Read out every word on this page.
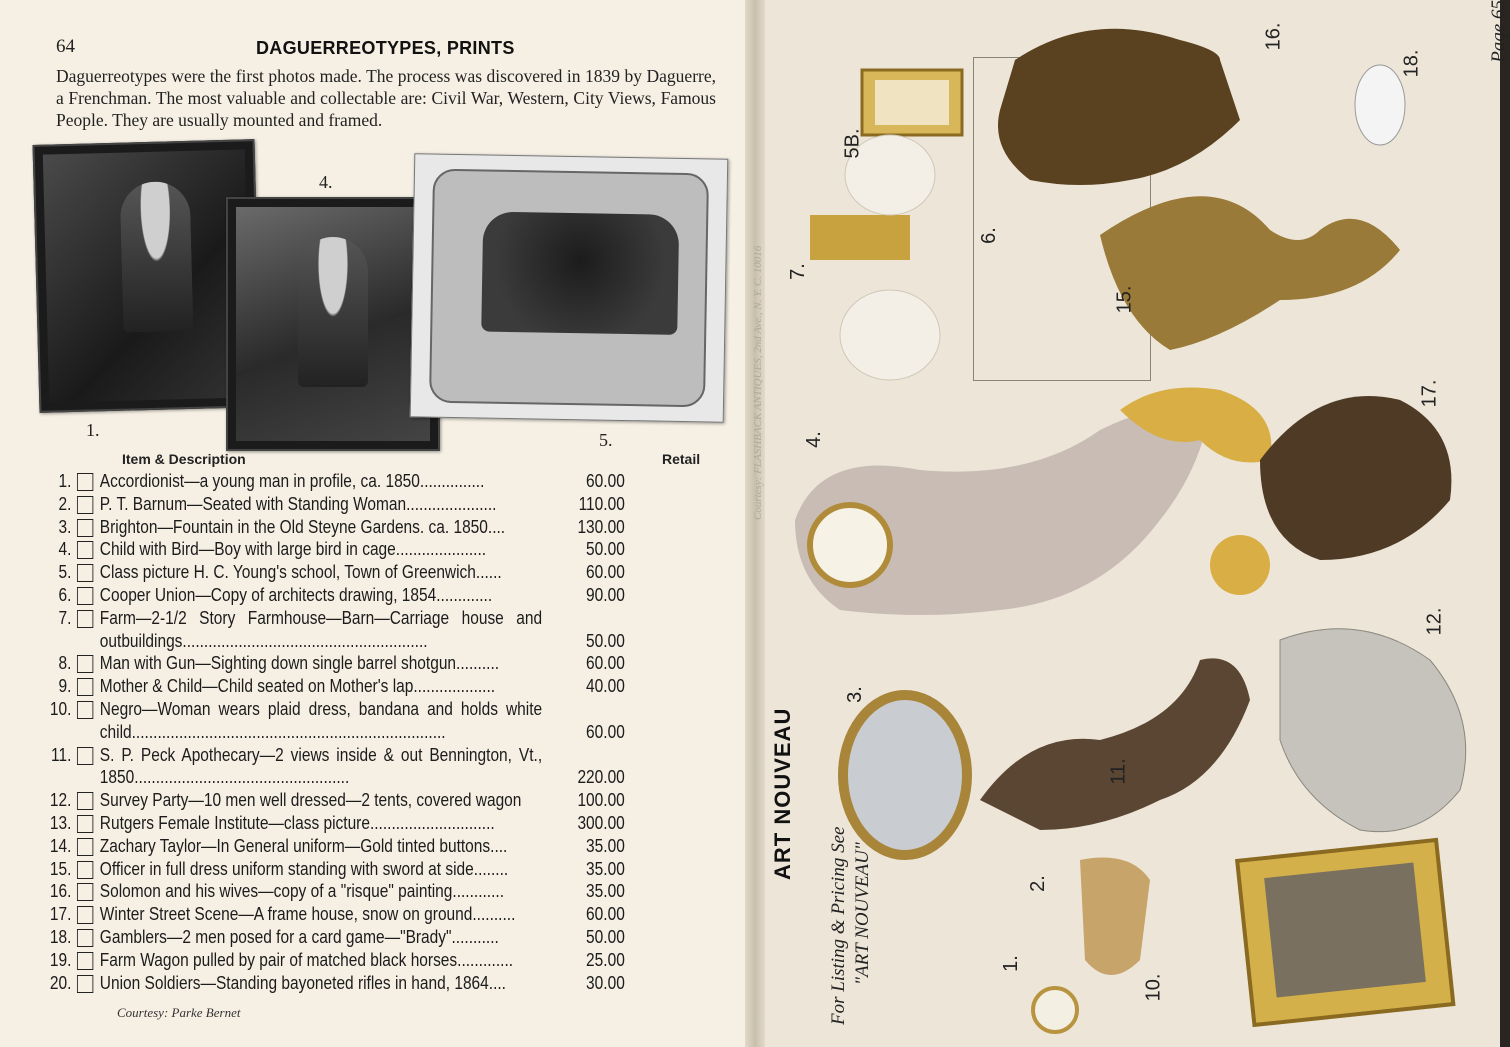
64	DAGUERREOTYPES, PRINTS
Daguerreotypes were the first photos made. The process was discovered in 1839 by Daguerre, a Frenchman. The most valuable and collectable are: Civil War, Western, City Views, Famous People. They are usually mounted and framed.
1.
4.
5.
Item & Description	Retail
1. Accordionist—a young man in profile, ca. 1850...............	60.00
2. P. T. Barnum—Seated with Standing Woman.....................	110.00
3. Brighton—Fountain in the Old Steyne Gardens. ca. 1850....	130.00
4. Child with Bird—Boy with large bird in cage.....................	50.00
5. Class picture H. C. Young's school, Town of Greenwich......	60.00
6. Cooper Union—Copy of architects drawing, 1854.............	90.00
7. Farm—2-1/2 Story Farmhouse—Barn—Carriage house and outbuildings.........................................................	50.00
8. Man with Gun—Sighting down single barrel shotgun..........	60.00
9. Mother & Child—Child seated on Mother's lap...................	40.00
10. Negro—Woman wears plaid dress, bandana and holds white child.........................................................................	60.00
11. S. P. Peck Apothecary—2 views inside & out Bennington, Vt., 1850..................................................	220.00
12. Survey Party—10 men well dressed—2 tents, covered wagon	100.00
13. Rutgers Female Institute—class picture.............................	300.00
14. Zachary Taylor—In General uniform—Gold tinted buttons....	35.00
15. Officer in full dress uniform standing with sword at side........	35.00
16. Solomon and his wives—copy of a "risque" painting............	35.00
17. Winter Street Scene—A frame house, snow on ground..........	60.00
18. Gamblers—2 men posed for a card game—"Brady"...........	50.00
19. Farm Wagon pulled by pair of matched black horses.............	25.00
20. Union Soldiers—Standing bayoneted rifles in hand, 1864....	30.00
Courtesy: Parke Bernet
Page 65
ART NOUVEAU
For Listing & Pricing See "ART NOUVEAU"
Courtesy: FLASHBACK ANTIQUES, 2nd Ave., N. Y. C. 10016
1.
2.
3.
4.
5B.
6.
7.
10.
11.
12.
15.
16.
17.
18.
